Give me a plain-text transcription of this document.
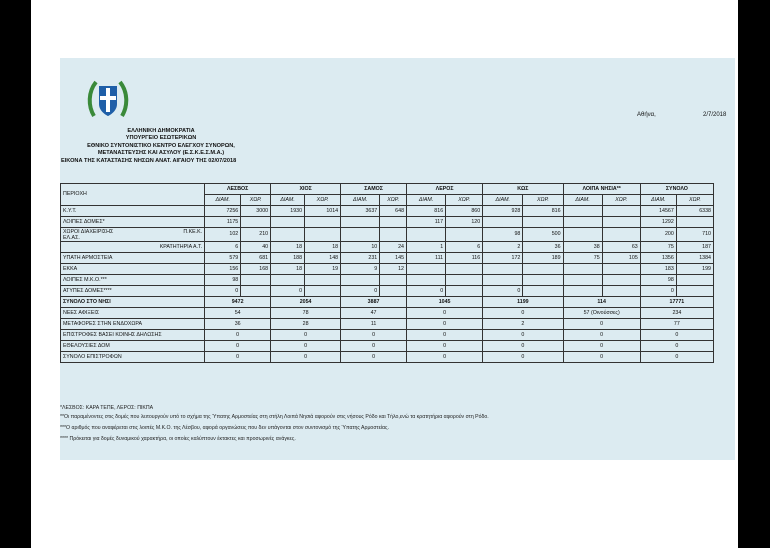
ΕΛΛΗΝΙΚΗ ΔΗΜΟΚΡΑΤΙΑ
ΥΠΟΥΡΓΕΙΟ ΕΣΩΤΕΡΙΚΩΝ
ΕΘΝΙΚΟ ΣΥΝΤΟΝΙΣΤΙΚΟ ΚΕΝΤΡΟ ΕΛΕΓΧΟΥ ΣΥΝΟΡΩΝ,
ΜΕΤΑΝΑΣΤΕΥΣΗΣ ΚΑΙ ΑΣΥΛΟΥ (Ε.Σ.Κ.Ε.Σ.Μ.Α.)
ΕΙΚΟΝΑ ΤΗΣ ΚΑΤΑΣΤΑΣΗΣ ΝΗΣΩΝ ΑΝΑΤ. ΑΙΓΑΙΟΥ ΤΗΣ 02/07/2018
Αθήνα,	2/7/2018
ΠΕΡΙΟΧΗ	ΛΕΣΒΟΣ		ΧΙΟΣ		ΣΑΜΟΣ		ΛΕΡΟΣ		ΚΩΣ		ΛΟΙΠΑ ΝΗΣΙΑ**		ΣΥΝΟΛΟ	
	ΔΙΑΜ.	ΧΩΡ.	ΔΙΑΜ.	ΧΩΡ.	ΔΙΑΜ.	ΧΩΡ.	ΔΙΑΜ.	ΧΩΡ.	ΔΙΑΜ.	ΧΩΡ.	ΔΙΑΜ.	ΧΩΡ.	ΔΙΑΜ.	ΧΩΡ.
Κ.Υ.Τ.	7256	3000	1930	1014	3637	648	816	860	928	816			14567	6338
ΛΟΙΠΕΣ ΔΟΜΕΣ*	1175						117	120					1292	

ΧΩΡΟΙ ΔΙΑΧΕΙΡΙΣΗΣ ΕΛ.ΑΣ.
Π.ΚΕ.Κ.	102	210							98	500			200	710
ΚΡΑΤΗΤΗΡΙΑ Α.Τ.	6	40	18	18	10	24	1	6	2	36	38	63	75	187
ΥΠΑΤΗ ΑΡΜΟΣΤΕΙΑ	579	681	188	148	231	145	111	116	172	189	75	105	1356	1384
ΕΚΚΑ	156	168	18	19	9	12							183	199
ΛΟΙΠΕΣ Μ.Κ.Ο.***	98												98	
ΑΤΥΠΕΣ ΔΟΜΕΣ****	0		0		0		0		0				0	
ΣΥΝΟΛΟ ΣΤΟ ΝΗΣΙ	9472		2054		3887		1045		1199		114		17771	
ΝΕΕΣ ΑΦΙΞΕΙΣ	54		78		47		0		0		57 (Οινούσσες)		234	
ΜΕΤΑΦΟΡΕΣ ΣΤΗΝ ΕΝΔΟΧΩΡΑ	36		28		11		0		2		0		77	
ΕΠΙΣΤΡΟΦΕΣ ΒΑΣΕΙ ΚΟΙΝΗΣ ΔΗΛΩΣΗΣ	0		0		0		0		0		0		0	
ΕΘΕΛΟΥΣΙΕΣ ΔΟΜ	0		0		0		0		0		0		0	
ΣΥΝΟΛΟ ΕΠΙΣΤΡΟΦΩΝ	0		0		0		0		0		0		0	
*ΛΕΣΒΟΣ: ΚΑΡΑ ΤΕΠΕ, ΛΕΡΟΣ: ΠΙΚΠΑ
**Οι παραμένοντες στις δομές που λειτουργούν υπό το σχήμα της Ύπατης Αρμοστείας στη στήλη Λοιπά Νησιά αφορούν στις νήσους Ρόδο και Τήλο,ενώ τα κρατητήρια αφορούν στη Ρόδο.
***Ο αριθμός που αναφέρεται στις λοιπές Μ.Κ.Ο. της Λέσβου, αφορά οργανώσεις που δεν υπάγονται στον συντονισμό της Ύπατης Αρμοστείας.
**** Πρόκειται για δομές δυναμικού χαρακτήρα, οι οποίες καλύπτουν έκτακτες και προσωρινές ανάγκες.
